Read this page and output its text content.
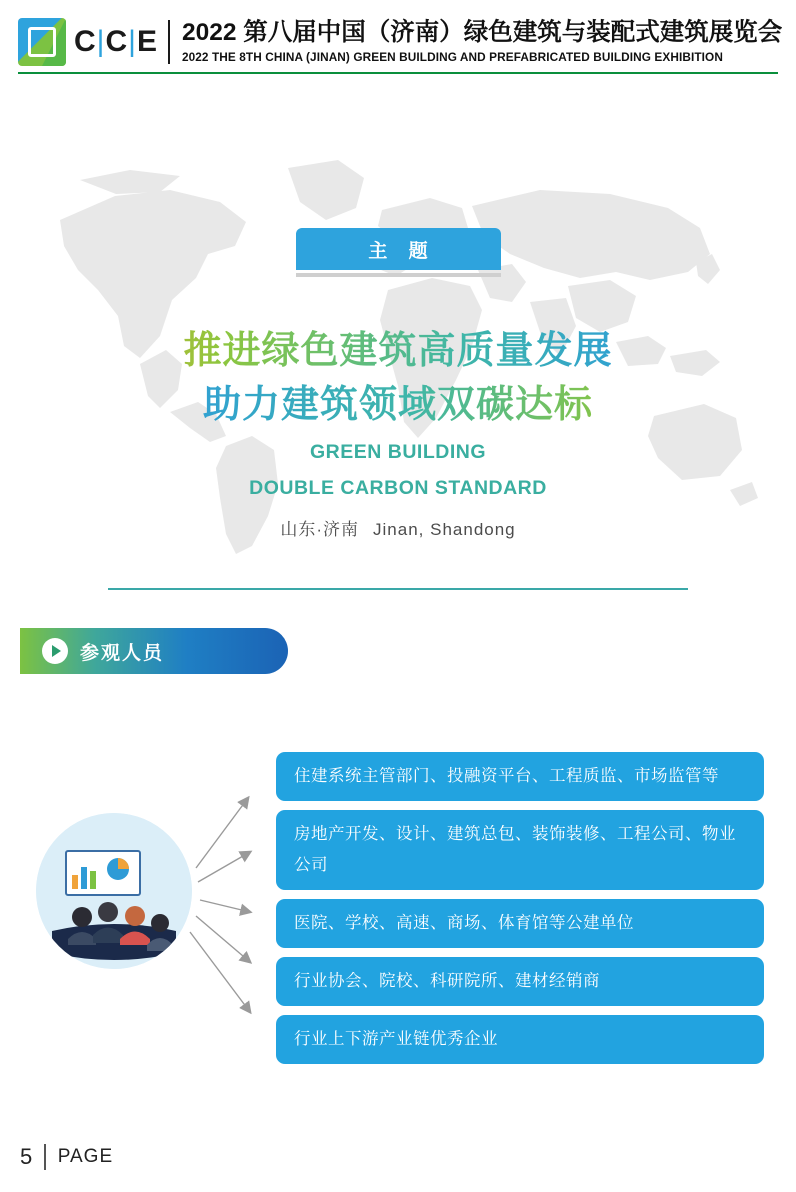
C|C|E 2022 第八届中国（济南）绿色建筑与装配式建筑展览会
2022 THE 8TH CHINA (JINAN) GREEN BUILDING AND PREFABRICATED BUILDING EXHIBITION
主 题
推进绿色建筑高质量发展
助力建筑领域双碳达标
GREEN BUILDING
DOUBLE CARBON STANDARD
山东·济南 Jinan, Shandong
参观人员
住建系统主管部门、投融资平台、工程质监、市场监管等
房地产开发、设计、建筑总包、装饰装修、工程公司、物业公司
医院、学校、高速、商场、体育馆等公建单位
行业协会、院校、科研院所、建材经销商
行业上下游产业链优秀企业
5 PAGE
